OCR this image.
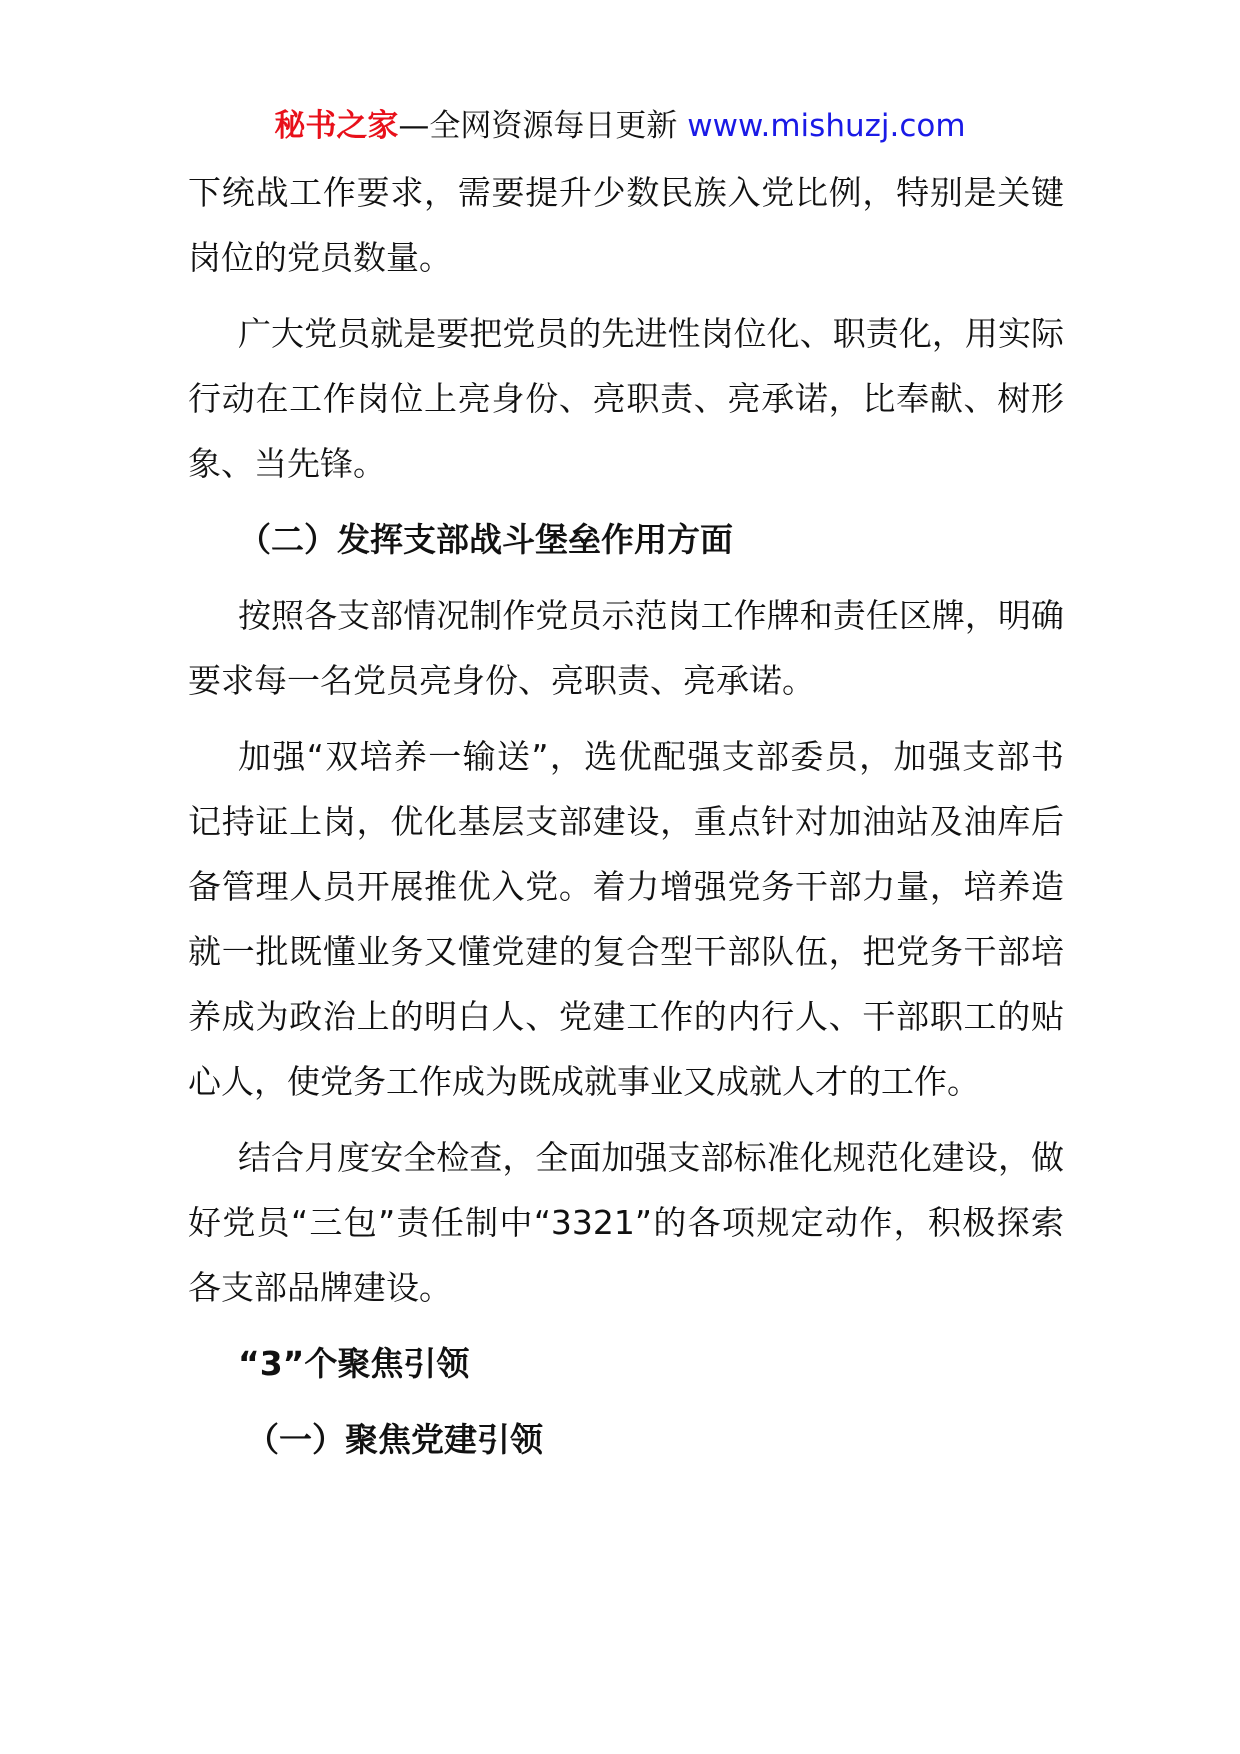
秘书之家—全网资源每日更新 www.mishuzj.com

下统战工作要求，需要提升少数民族入党比例，特别是关键岗位的党员数量。

广大党员就是要把党员的先进性岗位化、职责化，用实际行动在工作岗位上亮身份、亮职责、亮承诺，比奉献、树形象、当先锋。

（二）发挥支部战斗堡垒作用方面

按照各支部情况制作党员示范岗工作牌和责任区牌，明确要求每一名党员亮身份、亮职责、亮承诺。

加强“双培养一输送”，选优配强支部委员，加强支部书记持证上岗，优化基层支部建设，重点针对加油站及油库后备管理人员开展推优入党。着力增强党务干部力量，培养造就一批既懂业务又懂党建的复合型干部队伍，把党务干部培养成为政治上的明白人、党建工作的内行人、干部职工的贴心人，使党务工作成为既成就事业又成就人才的工作。

结合月度安全检查，全面加强支部标准化规范化建设，做好党员“三包”责任制中“3321”的各项规定动作，积极探索各支部品牌建设。

“3”个聚焦引领

（一）聚焦党建引领
